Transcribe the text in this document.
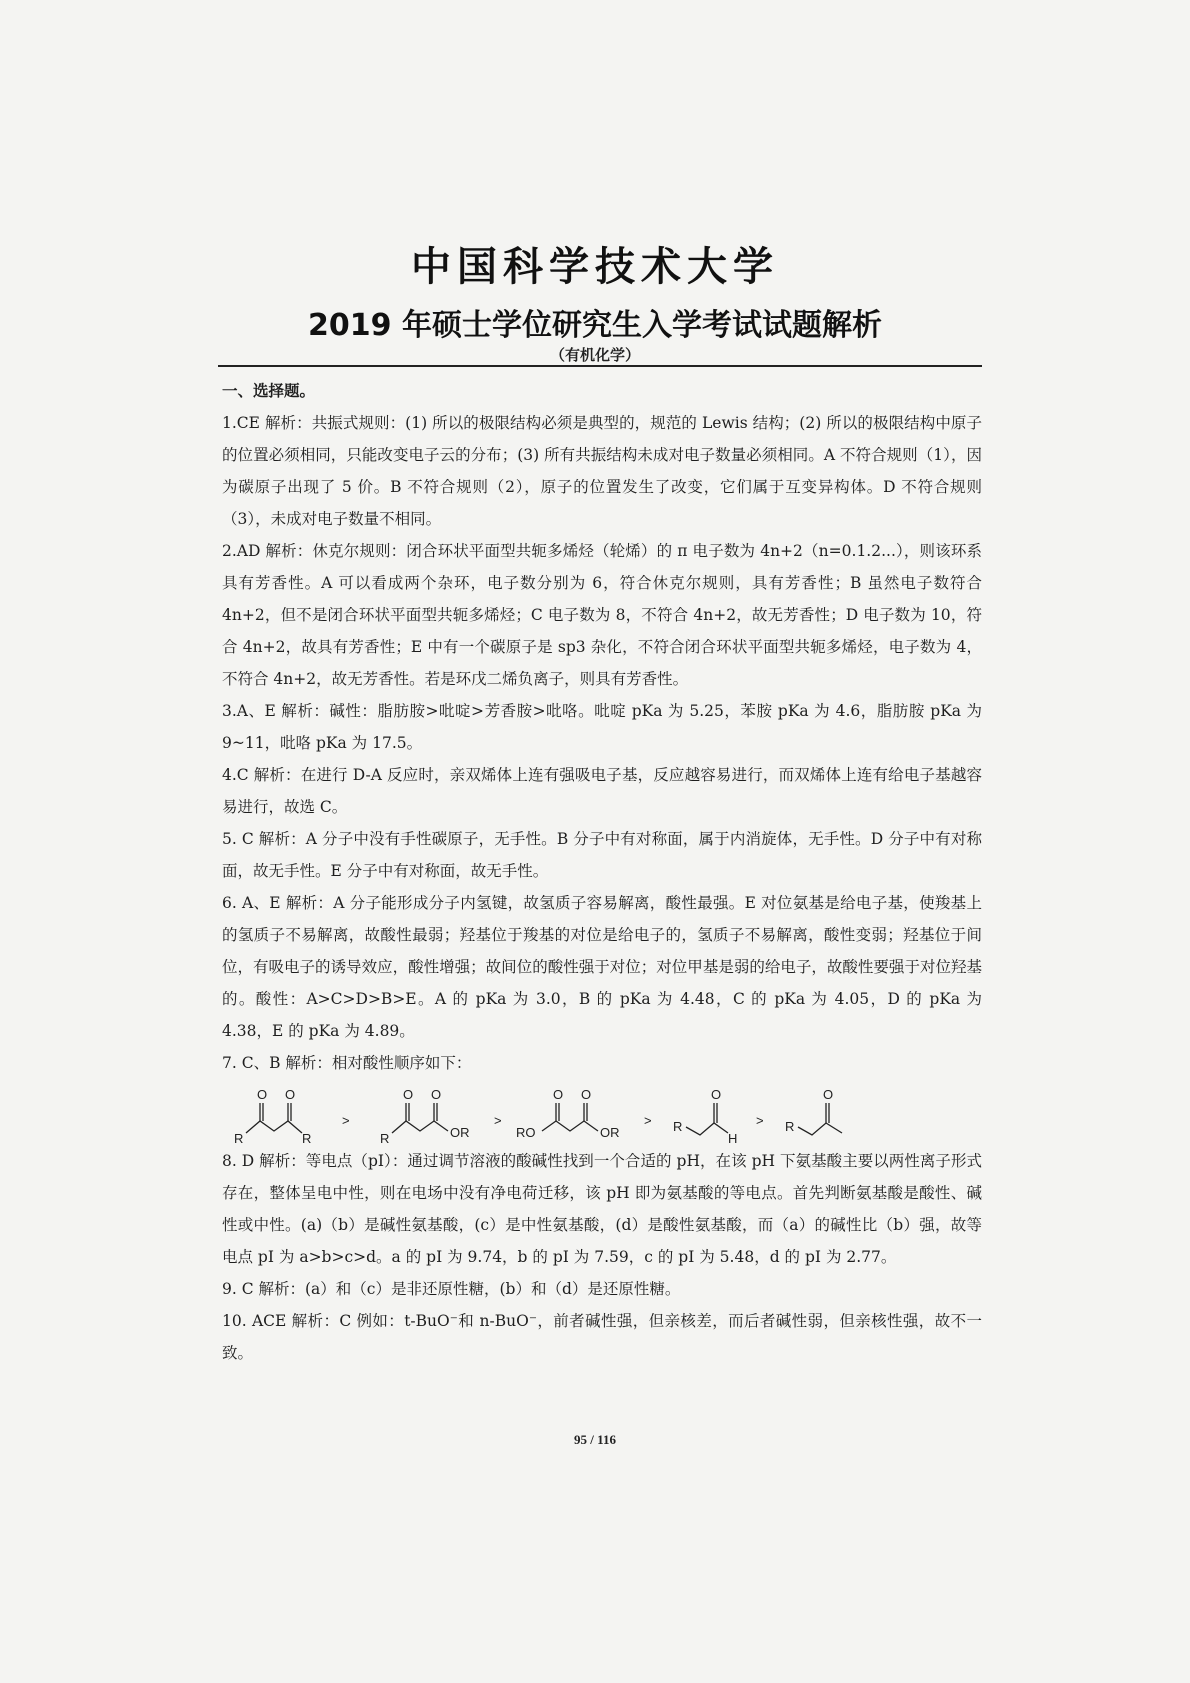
中国科学技术大学
2019 年硕士学位研究生入学考试试题解析
（有机化学）
一、选择题。

1.CE 解析：共振式规则：(1) 所以的极限结构必须是典型的，规范的 Lewis 结构；(2) 所以的极限结构中原子的位置必须相同，只能改变电子云的分布；(3) 所有共振结构未成对电子数量必须相同。A 不符合规则（1），因为碳原子出现了 5 价。B 不符合规则（2），原子的位置发生了改变，它们属于互变异构体。D 不符合规则（3），未成对电子数量不相同。

2.AD 解析：休克尔规则：闭合环状平面型共轭多烯烃（轮烯）的 π 电子数为 4n+2（n=0.1.2...），则该环系具有芳香性。A 可以看成两个杂环，电子数分别为 6，符合休克尔规则，具有芳香性；B 虽然电子数符合 4n+2，但不是闭合环状平面型共轭多烯烃；C 电子数为 8，不符合 4n+2，故无芳香性；D 电子数为 10，符合 4n+2，故具有芳香性；E 中有一个碳原子是 sp3 杂化，不符合闭合环状平面型共轭多烯烃，电子数为 4，不符合 4n+2，故无芳香性。若是环戊二烯负离子，则具有芳香性。

3.A、E 解析：碱性：脂肪胺>吡啶>芳香胺>吡咯。吡啶 pKa 为 5.25，苯胺 pKa 为 4.6，脂肪胺 pKa 为 9~11，吡咯 pKa 为 17.5。

4.C 解析：在进行 D-A 反应时，亲双烯体上连有强吸电子基，反应越容易进行，而双烯体上连有给电子基越容易进行，故选 C。

5. C 解析：A 分子中没有手性碳原子，无手性。B 分子中有对称面，属于内消旋体，无手性。D 分子中有对称面，故无手性。E 分子中有对称面，故无手性。

6. A、E 解析：A 分子能形成分子内氢键，故氢质子容易解离，酸性最强。E 对位氨基是给电子基，使羧基上的氢质子不易解离，故酸性最弱；羟基位于羧基的对位是给电子的，氢质子不易解离，酸性变弱；羟基位于间位，有吸电子的诱导效应，酸性增强；故间位的酸性强于对位；对位甲基是弱的给电子，故酸性要强于对位羟基的。酸性：A>C>D>B>E。A 的 pKa 为 3.0，B 的 pKa 为 4.48，C 的 pKa 为 4.05，D 的 pKa 为 4.38，E 的 pKa 为 4.89。

7. C、B 解析：相对酸性顺序如下：

R
O O
R
>
R
O O
OR
>
RO
O O
OR
> R
O
H
> R
O

8. D 解析：等电点（pI）：通过调节溶液的酸碱性找到一个合适的 pH，在该 pH 下氨基酸主要以两性离子形式存在，整体呈电中性，则在电场中没有净电荷迁移，该 pH 即为氨基酸的等电点。首先判断氨基酸是酸性、碱性或中性。(a)（b）是碱性氨基酸，(c）是中性氨基酸，(d）是酸性氨基酸，而（a）的碱性比（b）强，故等电点 pI 为 a>b>c>d。a 的 pI 为 9.74，b 的 pI 为 7.59，c 的 pI 为 5.48，d 的 pI 为 2.77。

9. C 解析：(a）和（c）是非还原性糖，(b）和（d）是还原性糖。

10. ACE 解析：C 例如：t-BuO⁻和 n-BuO⁻，前者碱性强，但亲核差，而后者碱性弱，但亲核性强，故不一致。

95 / 116
